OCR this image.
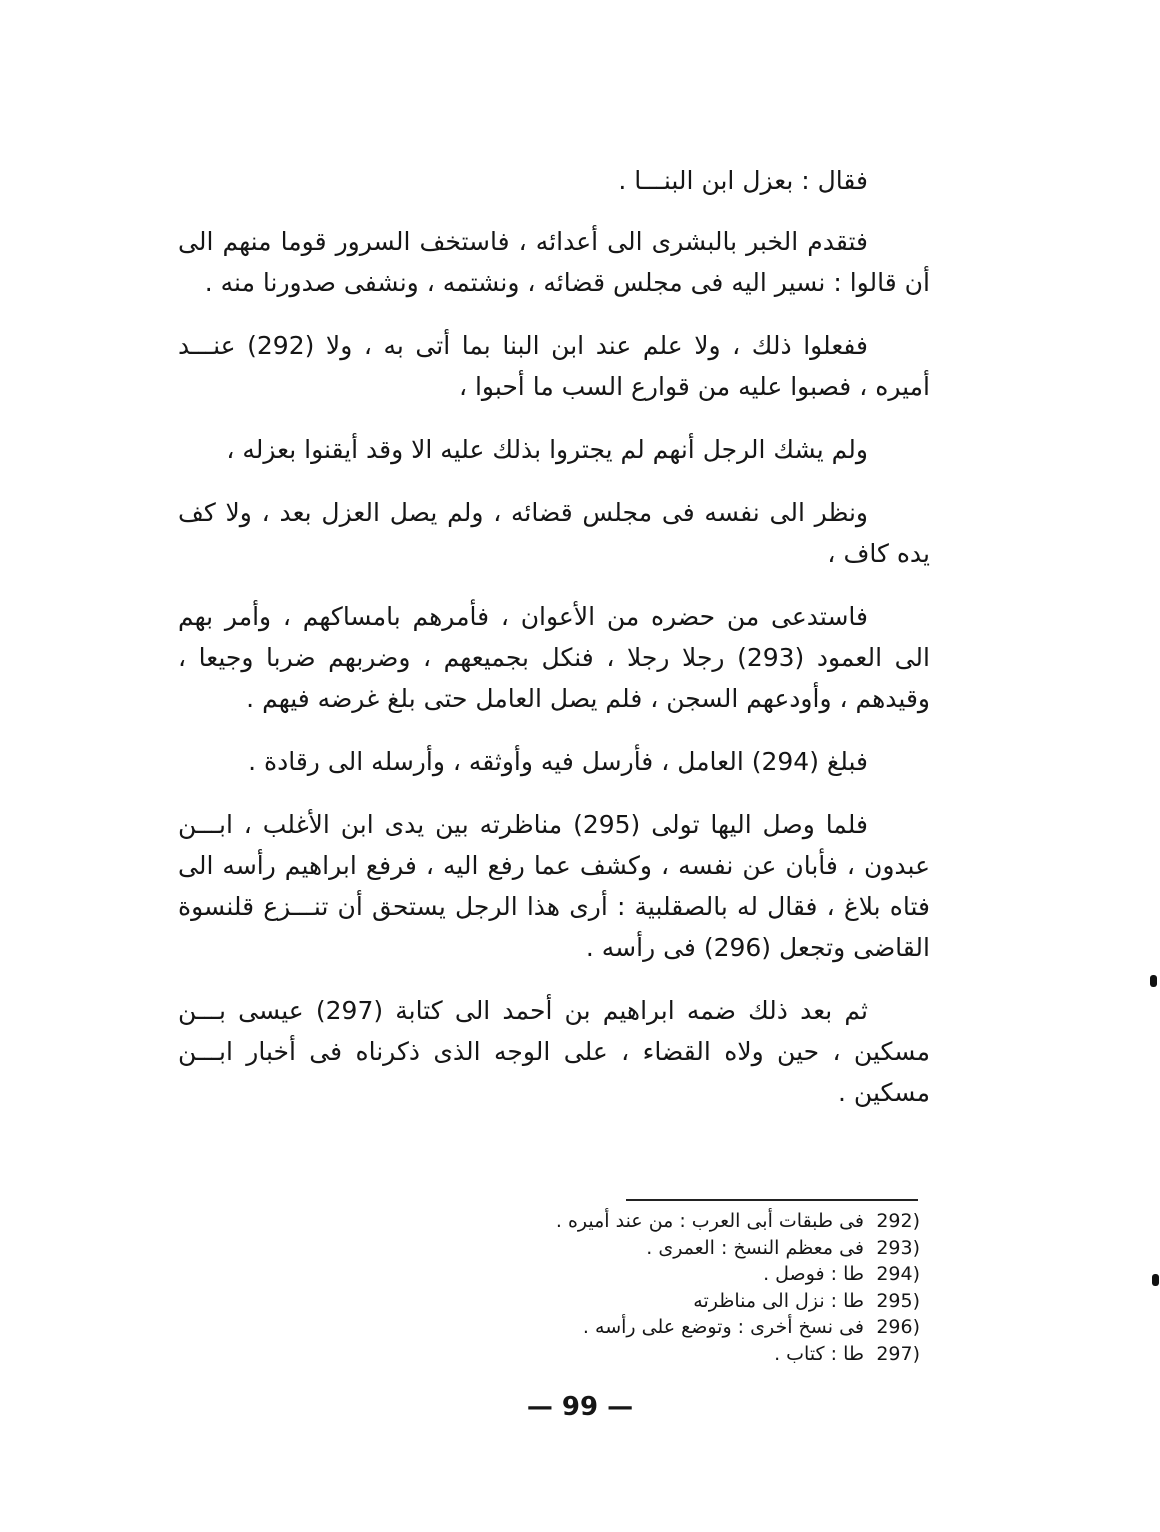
فقال : بعزل ابن البنـــا .

فتقدم الخبر بالبشرى الى أعدائه ، فاستخف السرور قوما منهم الى أن قالوا : نسير اليه فى مجلس قضائه ، ونشتمه ، ونشفى صدورنا منه .

ففعلوا ذلك ، ولا علم عند ابن البنا بما أتى به ، ولا (292) عنـــد أميره ، فصبوا عليه من قوارع السب ما أحبوا ،

ولم يشك الرجل أنهم لم يجتروا بذلك عليه الا وقد أيقنوا بعزله ،

ونظر الى نفسه فى مجلس قضائه ، ولم يصل العزل بعد ، ولا كف يده كاف ،

فاستدعى من حضره من الأعوان ، فأمرهم بامساكهم ، وأمر بهم الى العمود (293) رجلا رجلا ، فنكل بجميعهم ، وضربهم ضربا وجيعا ، وقيدهم ، وأودعهم السجن ، فلم يصل العامل حتى بلغ غرضه فيهم .

فبلغ (294) العامل ، فأرسل فيه وأوثقه ، وأرسله الى رقادة .

فلما وصل اليها تولى (295) مناظرته بين يدى ابن الأغلب ، ابـــن عبدون ، فأبان عن نفسه ، وكشف عما رفع اليه ، فرفع ابراهيم رأسه الى فتاه بلاغ ، فقال له بالصقلبية : أرى هذا الرجل يستحق أن تنـــزع قلنسوة القاضى وتجعل (296) فى رأسه .

ثم بعد ذلك ضمه ابراهيم بن أحمد الى كتابة (297) عيسى بـــن مسكين ، حين ولاه القضاء ، على الوجه الذى ذكرناه فى أخبار ابـــن مسكين .

292)
فى طبقات أبى العرب : من عند أميره .
293)
فى معظم النسخ : العمرى .
294)
طا : فوصل .
295)
طا : نزل الى مناظرته
296)
فى نسخ أخرى : وتوضع على رأسه .
297)
طا : كتاب .
— 99 —
